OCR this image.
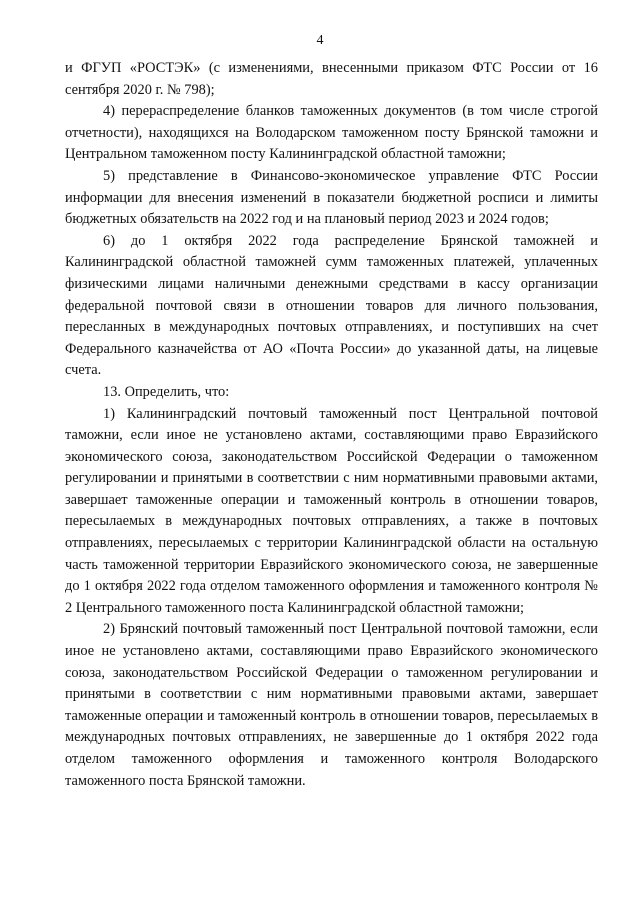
4

и ФГУП «РОСТЭК» (с изменениями, внесенными приказом ФТС России от 16 сентября 2020 г. № 798);

4) перераспределение бланков таможенных документов (в том числе строгой отчетности), находящихся на Володарском таможенном посту Брянской таможни и Центральном таможенном посту Калининградской областной таможни;

5) представление в Финансово-экономическое управление ФТС России информации для внесения изменений в показатели бюджетной росписи и лимиты бюджетных обязательств на 2022 год и на плановый период 2023 и 2024 годов;

6) до 1 октября 2022 года распределение Брянской таможней и Калининградской областной таможней сумм таможенных платежей, уплаченных физическими лицами наличными денежными средствами в кассу организации федеральной почтовой связи в отношении товаров для личного пользования, пересланных в международных почтовых отправлениях, и поступивших на счет Федерального казначейства от АО «Почта России» до указанной даты, на лицевые счета.

13. Определить, что:

1) Калининградский почтовый таможенный пост Центральной почтовой таможни, если иное не установлено актами, составляющими право Евразийского экономического союза, законодательством Российской Федерации о таможенном регулировании и принятыми в соответствии с ним нормативными правовыми актами, завершает таможенные операции и таможенный контроль в отношении товаров, пересылаемых в международных почтовых отправлениях, а также в почтовых отправлениях, пересылаемых с территории Калининградской области на остальную часть таможенной территории Евразийского экономического союза, не завершенные до 1 октября 2022 года отделом таможенного оформления и таможенного контроля № 2 Центрального таможенного поста Калининградской областной таможни;

2) Брянский почтовый таможенный пост Центральной почтовой таможни, если иное не установлено актами, составляющими право Евразийского экономического союза, законодательством Российской Федерации о таможенном регулировании и принятыми в соответствии с ним нормативными правовыми актами, завершает таможенные операции и таможенный контроль в отношении товаров, пересылаемых в международных почтовых отправлениях, не завершенные до 1 октября 2022 года отделом таможенного оформления и таможенного контроля Володарского таможенного поста Брянской таможни.
